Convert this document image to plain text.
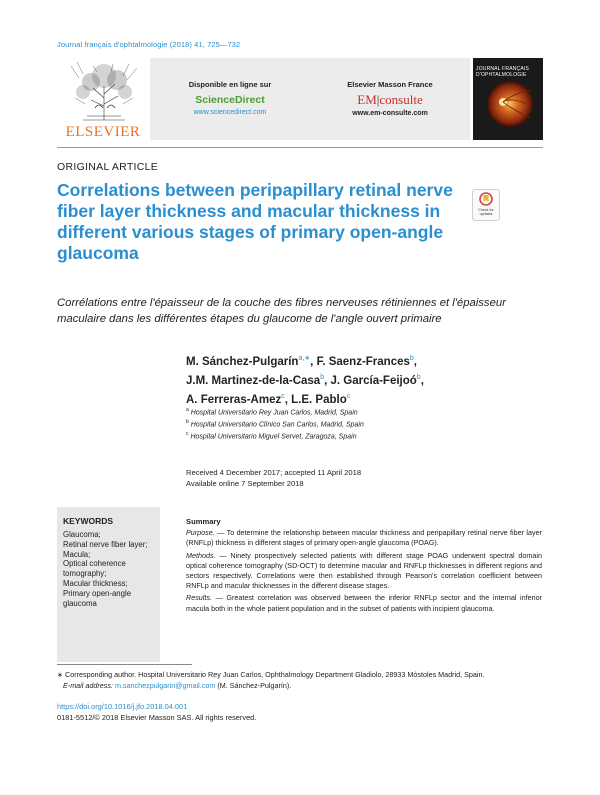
Journal français d'ophtalmologie (2018) 41, 725—732
ELSEVIER
Disponible en ligne sur
ScienceDirect
www.sciencedirect.com
Elsevier Masson France
EM|consulte
www.em-consulte.com
JOURNAL FRANÇAIS D'OPHTALMOLOGIE
ORIGINAL ARTICLE
Correlations between peripapillary retinal nerve fiber layer thickness and macular thickness in different various stages of primary open-angle glaucoma
Check for updates
Corrélations entre l'épaisseur de la couche des fibres nerveuses rétiniennes et l'épaisseur maculaire dans les différentes étapes du glaucome de l'angle ouvert primaire
M. Sánchez-Pulgarín$^{a,∗}$, F. Saenz-Frances$^b$,
J.M. Martinez-de-la-Casa$^b$, J. García-Feijoó$^b$,
A. Ferreras-Amez$^c$, L.E. Pablo$^c$
$^a$ Hospital Universitario Rey Juan Carlos, Madrid, Spain
$^b$ Hospital Universitario Clínico San Carlos, Madrid, Spain
$^c$ Hospital Universitario Miguel Servet, Zaragoza, Spain
Received 4 December 2017; accepted 11 April 2018
Available online 7 September 2018
KEYWORDS
Glaucoma;
Retinal nerve fiber layer;
Macula;
Optical coherence tomography;
Macular thickness;
Primary open-angle glaucoma
Summary

Purpose. — To determine the relationship between macular thickness and peripapillary retinal nerve fiber layer (RNFLp) thickness in different stages of primary open-angle glaucoma (POAG).

Methods. — Ninety prospectively selected patients with different stage POAG underwent spectral domain optical coherence tomography (SD-OCT) to determine macular and RNFLp thicknesses in different regions and sectors respectively. Correlations were then established through Pearson's correlation coefficient between RNFLp and macular thicknesses in the different disease stages.

Results. — Greatest correlation was observed between the inferior RNFLp sector and the internal inferior macula both in the whole patient population and in the subset of patients with incipient glaucoma.

∗ Corresponding author. Hospital Universitario Rey Juan Carlos, Ophthalmology Department Gladiolo, 28933 Móstoles Madrid, Spain.
E-mail address: m.sanchezpulgarin@gmail.com (M. Sánchez-Pulgarín).
https://doi.org/10.1016/j.jfo.2018.04.001
0181-5512/© 2018 Elsevier Masson SAS. All rights reserved.
